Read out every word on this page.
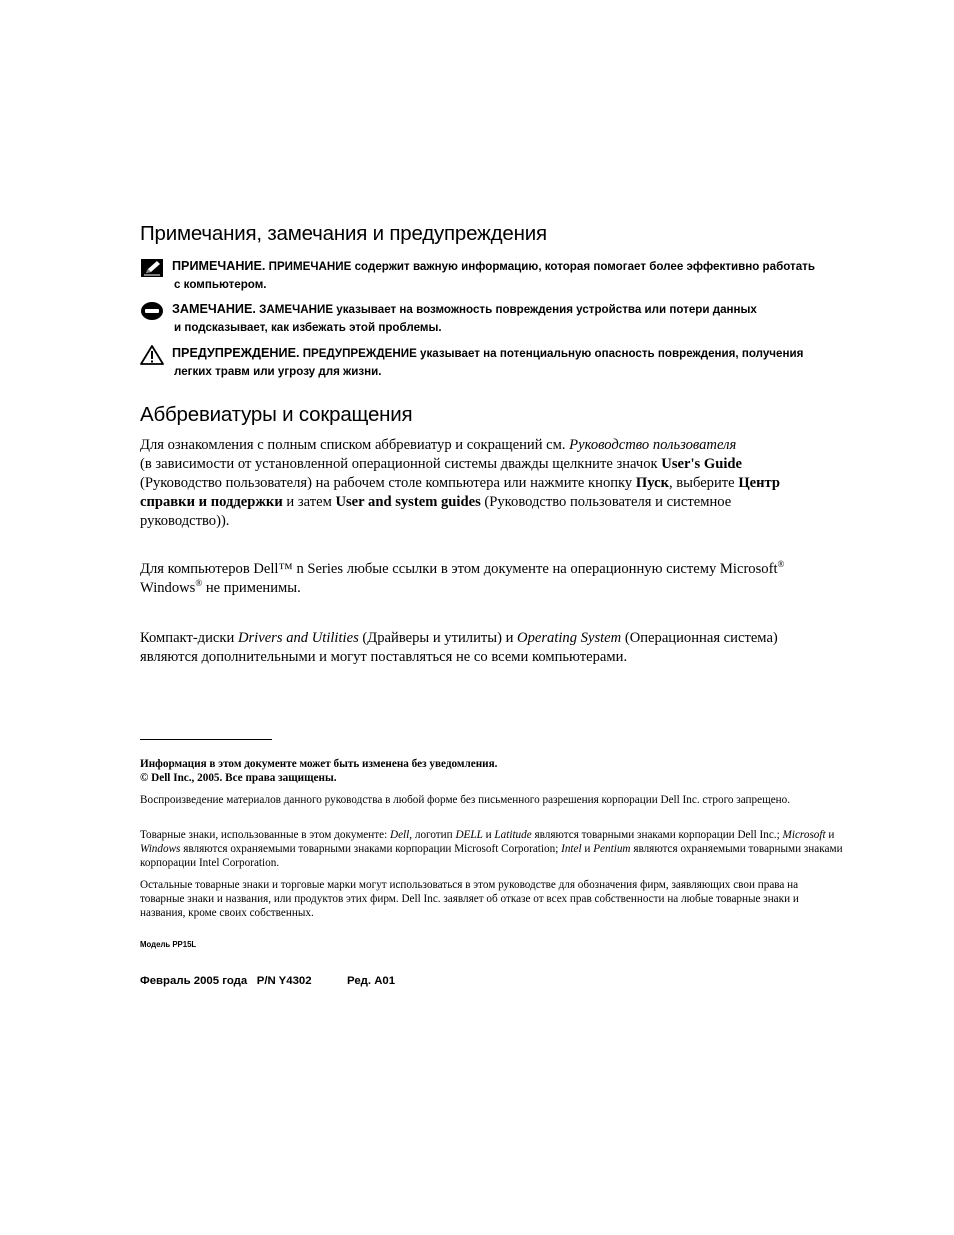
Примечания, замечания и предупреждения
ПРИМЕЧАНИЕ. ПРИМЕЧАНИЕ содержит важную информацию, которая помогает более эффективно работать
с компьютером.
ЗАМЕЧАНИЕ. ЗАМЕЧАНИЕ указывает на возможность повреждения устройства или потери данных
и подсказывает, как избежать этой проблемы.
ПРЕДУПРЕЖДЕНИЕ. ПРЕДУПРЕЖДЕНИЕ указывает на потенциальную опасность повреждения, получения
легких травм или угрозу для жизни.
Аббревиатуры и сокращения

Для ознакомления с полным списком аббревиатур и сокращений см. Руководство пользователя
(в зависимости от установленной операционной системы дважды щелкните значок User's Guide
(Руководство пользователя) на рабочем столе компьютера или нажмите кнопку Пуск, выберите Центр справки и поддержки и затем User and system guides (Руководство пользователя и системное руководство)).

Для компьютеров Dell™ n Series любые ссылки в этом документе на операционную систему Microsoft®
Windows® не применимы.

Компакт-диски Drivers and Utilities (Драйверы и утилиты) и Operating System (Операционная система) являются дополнительными и могут поставляться не со всеми компьютерами.

Информация в этом документе может быть изменена без уведомления.
© Dell Inc., 2005. Все права защищены.

Воспроизведение материалов данного руководства в любой форме без письменного разрешения корпорации Dell Inc. строго запрещено.

Товарные знаки, использованные в этом документе: Dell, логотип DELL и Latitude являются товарными знаками корпорации Dell Inc.; Microsoft и Windows являются охраняемыми товарными знаками корпорации Microsoft Corporation; Intel и Pentium являются охраняемыми товарными знаками корпорации Intel Corporation.

Остальные товарные знаки и торговые марки могут использоваться в этом руководстве для обозначения фирм, заявляющих свои права на товарные знаки и названия, или продуктов этих фирм. Dell Inc. заявляет об отказе от всех прав собственности на любые товарные знаки и названия, кроме своих собственных.

Модель PP15L
Февраль 2005 года   P/N Y4302	Ред. A01
